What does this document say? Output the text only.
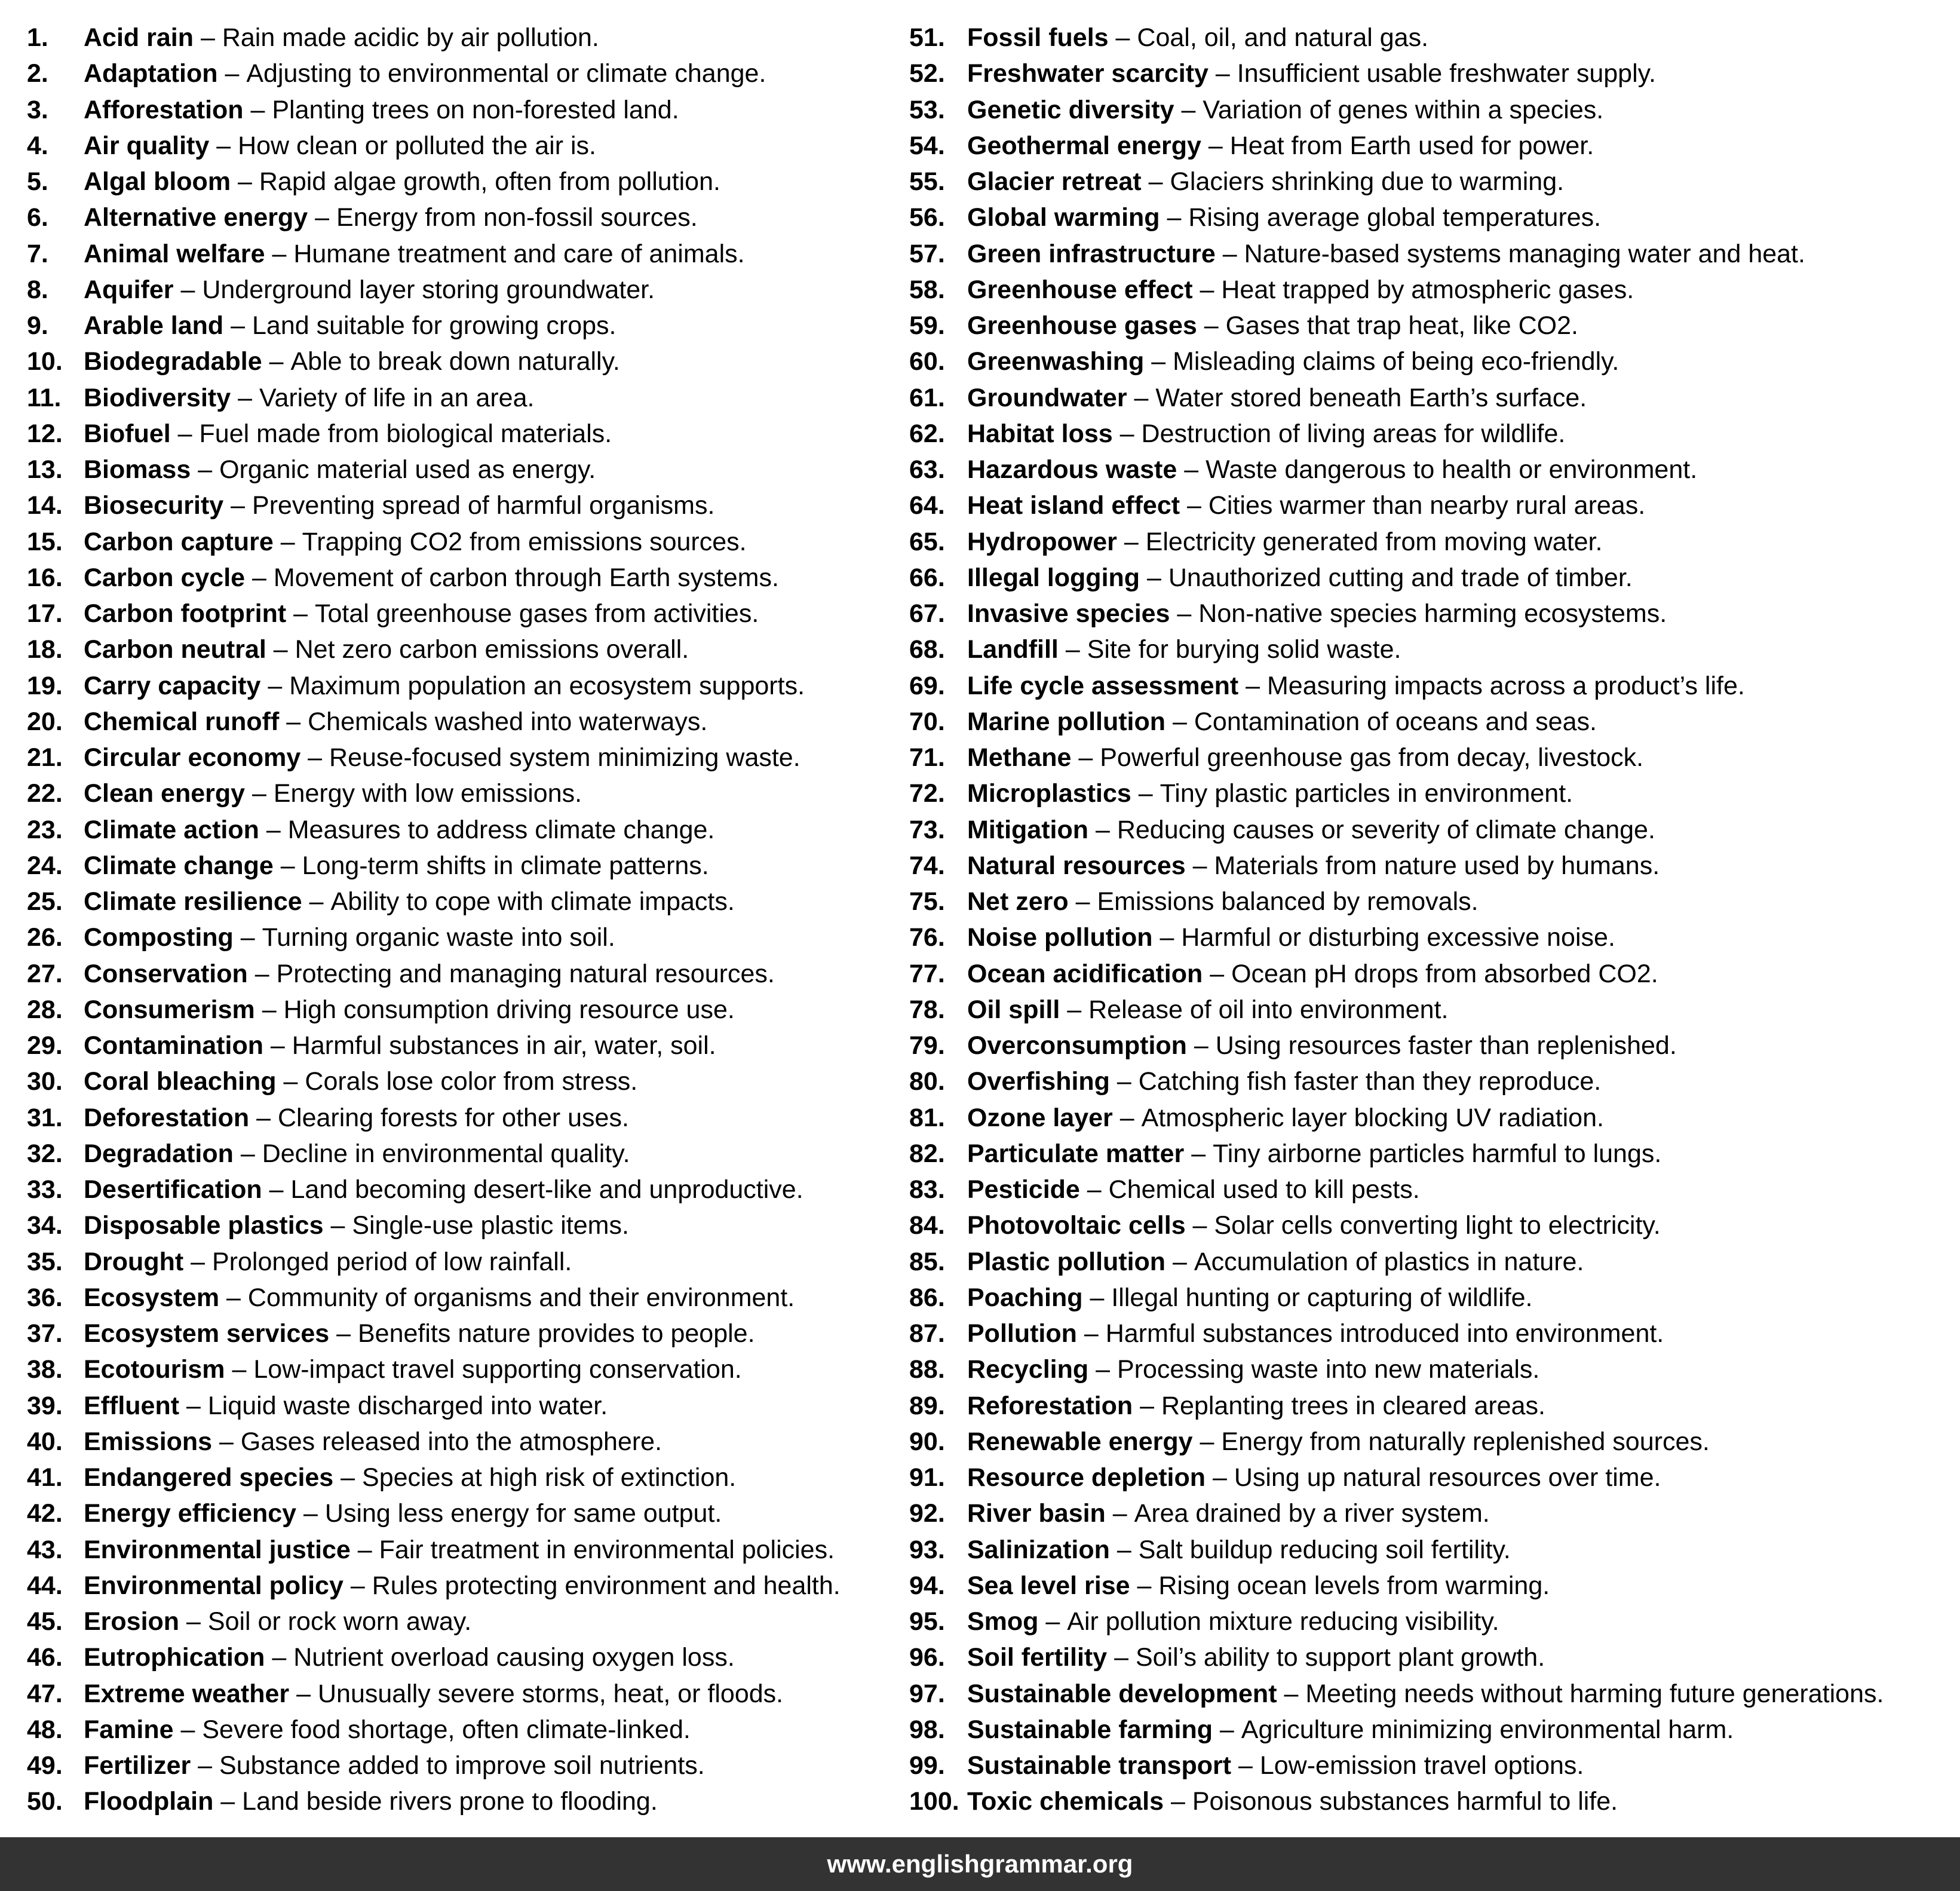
1.	Acid rain – Rain made acidic by air pollution.
2.	Adaptation – Adjusting to environmental or climate change.
3.	Afforestation – Planting trees on non-forested land.
4.	Air quality – How clean or polluted the air is.
5.	Algal bloom – Rapid algae growth, often from pollution.
6.	Alternative energy – Energy from non-fossil sources.
7.	Animal welfare – Humane treatment and care of animals.
8.	Aquifer – Underground layer storing groundwater.
9.	Arable land – Land suitable for growing crops.
10. Biodegradable – Able to break down naturally.
11. Biodiversity – Variety of life in an area.
12. Biofuel – Fuel made from biological materials.
13. Biomass – Organic material used as energy.
14. Biosecurity – Preventing spread of harmful organisms.
15. Carbon capture – Trapping CO2 from emissions sources.
16. Carbon cycle – Movement of carbon through Earth systems.
17. Carbon footprint – Total greenhouse gases from activities.
18. Carbon neutral – Net zero carbon emissions overall.
19. Carry capacity – Maximum population an ecosystem supports.
20. Chemical runoff – Chemicals washed into waterways.
21. Circular economy – Reuse-focused system minimizing waste.
22. Clean energy – Energy with low emissions.
23. Climate action – Measures to address climate change.
24. Climate change – Long-term shifts in climate patterns.
25. Climate resilience – Ability to cope with climate impacts.
26. Composting – Turning organic waste into soil.
27. Conservation – Protecting and managing natural resources.
28. Consumerism – High consumption driving resource use.
29. Contamination – Harmful substances in air, water, soil.
30. Coral bleaching – Corals lose color from stress.
31. Deforestation – Clearing forests for other uses.
32. Degradation – Decline in environmental quality.
33. Desertification – Land becoming desert-like and unproductive.
34. Disposable plastics – Single-use plastic items.
35. Drought – Prolonged period of low rainfall.
36. Ecosystem – Community of organisms and their environment.
37. Ecosystem services – Benefits nature provides to people.
38. Ecotourism – Low-impact travel supporting conservation.
39. Effluent – Liquid waste discharged into water.
40. Emissions – Gases released into the atmosphere.
41. Endangered species – Species at high risk of extinction.
42. Energy efficiency – Using less energy for same output.
43. Environmental justice – Fair treatment in environmental policies.
44. Environmental policy – Rules protecting environment and health.
45. Erosion – Soil or rock worn away.
46. Eutrophication – Nutrient overload causing oxygen loss.
47. Extreme weather – Unusually severe storms, heat, or floods.
48. Famine – Severe food shortage, often climate-linked.
49. Fertilizer – Substance added to improve soil nutrients.
50. Floodplain – Land beside rivers prone to flooding.
51. Fossil fuels – Coal, oil, and natural gas.
52. Freshwater scarcity – Insufficient usable freshwater supply.
53. Genetic diversity – Variation of genes within a species.
54. Geothermal energy – Heat from Earth used for power.
55. Glacier retreat – Glaciers shrinking due to warming.
56. Global warming – Rising average global temperatures.
57. Green infrastructure – Nature-based systems managing water and heat.
58. Greenhouse effect – Heat trapped by atmospheric gases.
59. Greenhouse gases – Gases that trap heat, like CO2.
60. Greenwashing – Misleading claims of being eco-friendly.
61. Groundwater – Water stored beneath Earth’s surface.
62. Habitat loss – Destruction of living areas for wildlife.
63. Hazardous waste – Waste dangerous to health or environment.
64. Heat island effect – Cities warmer than nearby rural areas.
65. Hydropower – Electricity generated from moving water.
66. Illegal logging – Unauthorized cutting and trade of timber.
67. Invasive species – Non-native species harming ecosystems.
68. Landfill – Site for burying solid waste.
69. Life cycle assessment – Measuring impacts across a product’s life.
70. Marine pollution – Contamination of oceans and seas.
71. Methane – Powerful greenhouse gas from decay, livestock.
72. Microplastics – Tiny plastic particles in environment.
73. Mitigation – Reducing causes or severity of climate change.
74. Natural resources – Materials from nature used by humans.
75. Net zero – Emissions balanced by removals.
76. Noise pollution – Harmful or disturbing excessive noise.
77. Ocean acidification – Ocean pH drops from absorbed CO2.
78. Oil spill – Release of oil into environment.
79. Overconsumption – Using resources faster than replenished.
80. Overfishing – Catching fish faster than they reproduce.
81. Ozone layer – Atmospheric layer blocking UV radiation.
82. Particulate matter – Tiny airborne particles harmful to lungs.
83. Pesticide – Chemical used to kill pests.
84. Photovoltaic cells – Solar cells converting light to electricity.
85. Plastic pollution – Accumulation of plastics in nature.
86. Poaching – Illegal hunting or capturing of wildlife.
87. Pollution – Harmful substances introduced into environment.
88. Recycling – Processing waste into new materials.
89. Reforestation – Replanting trees in cleared areas.
90. Renewable energy – Energy from naturally replenished sources.
91. Resource depletion – Using up natural resources over time.
92. River basin – Area drained by a river system.
93. Salinization – Salt buildup reducing soil fertility.
94. Sea level rise – Rising ocean levels from warming.
95. Smog – Air pollution mixture reducing visibility.
96. Soil fertility – Soil’s ability to support plant growth.
97. Sustainable development – Meeting needs without harming future generations.
98. Sustainable farming – Agriculture minimizing environmental harm.
99. Sustainable transport – Low-emission travel options.
100. Toxic chemicals – Poisonous substances harmful to life.
www.englishgrammar.org
